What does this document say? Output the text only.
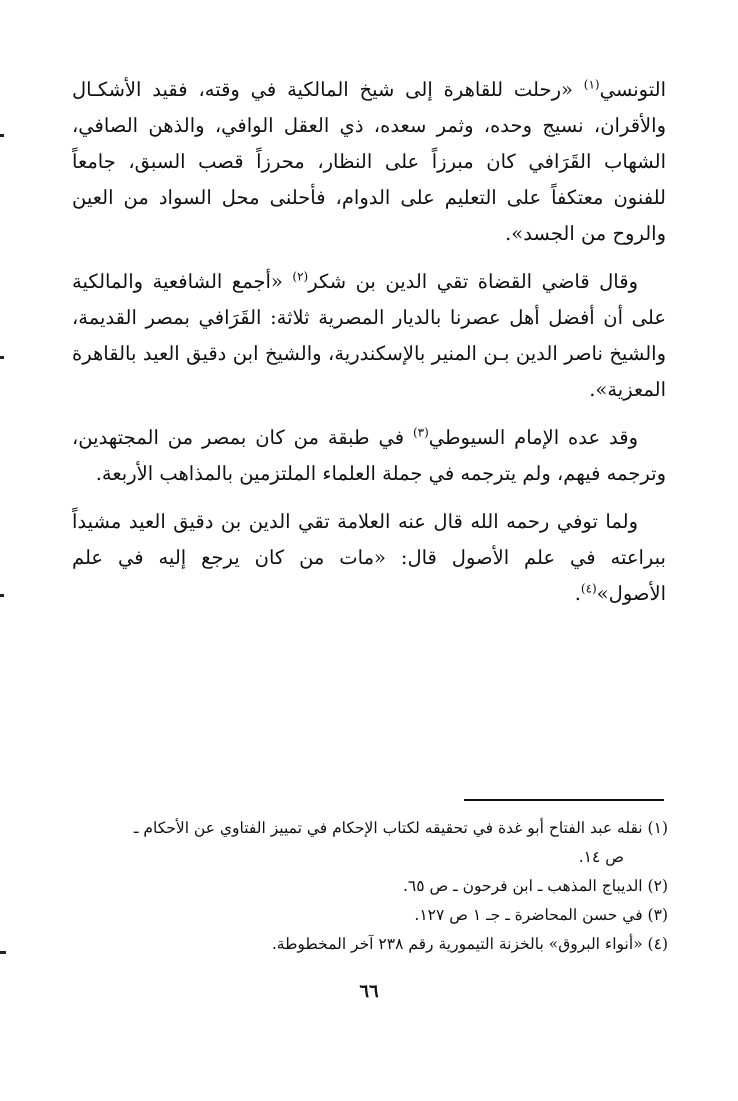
التونسي$^{(١)}$ «رحلت للقاهرة إلى شيخ المالكية في وقته، فقيد الأشكـال والأقران، نسيج وحده، وثمر سعده، ذي العقل الوافي، والذهن الصافي، الشهاب القَرَافي كان مبرزاً على النظار، محرزاً قصب السبق، جامعاً للفنون معتكفاً على التعليم على الدوام، فأحلنى محل السواد من العين والروح من الجسد».

وقال قاضي القضاة تقي الدين بن شكر$^{(٢)}$ «أجمع الشافعية والمالكية على أن أفضل أهل عصرنا بالديار المصرية ثلاثة: القَرَافي بمصر القديمة، والشيخ ناصر الدين بـن المنير بالإسكندرية، والشيخ ابن دقيق العيد بالقاهرة المعزية».

وقد عده الإمام السيوطي$^{(٣)}$ في طبقة من كان بمصر من المجتهدين، وترجمه فيهم، ولم يترجمه في جملة العلماء الملتزمين بالمذاهب الأربعة.

ولما توفي رحمه الله قال عنه العلامة تقي الدين بن دقيق العيد مشيداً ببراعته في علم الأصول قال: «مات من كان يرجع إليه في علم الأصول»$^{(٤)}$.

(١) نقله عبد الفتاح أبو غدة في تحقيقه لكتاب الإحكام في تمييز الفتاوي عن الأحكام ـ
ص ١٤.

(٢) الديباج المذهب ـ ابن فرحون ـ ص ٦٥.

(٣) في حسن المحاضرة ـ جـ ١ ص ١٢٧.

(٤) «أنواء البروق» بالخزنة التيمورية رقم ٢٣٨ آخر المخطوطة.

٦٦
